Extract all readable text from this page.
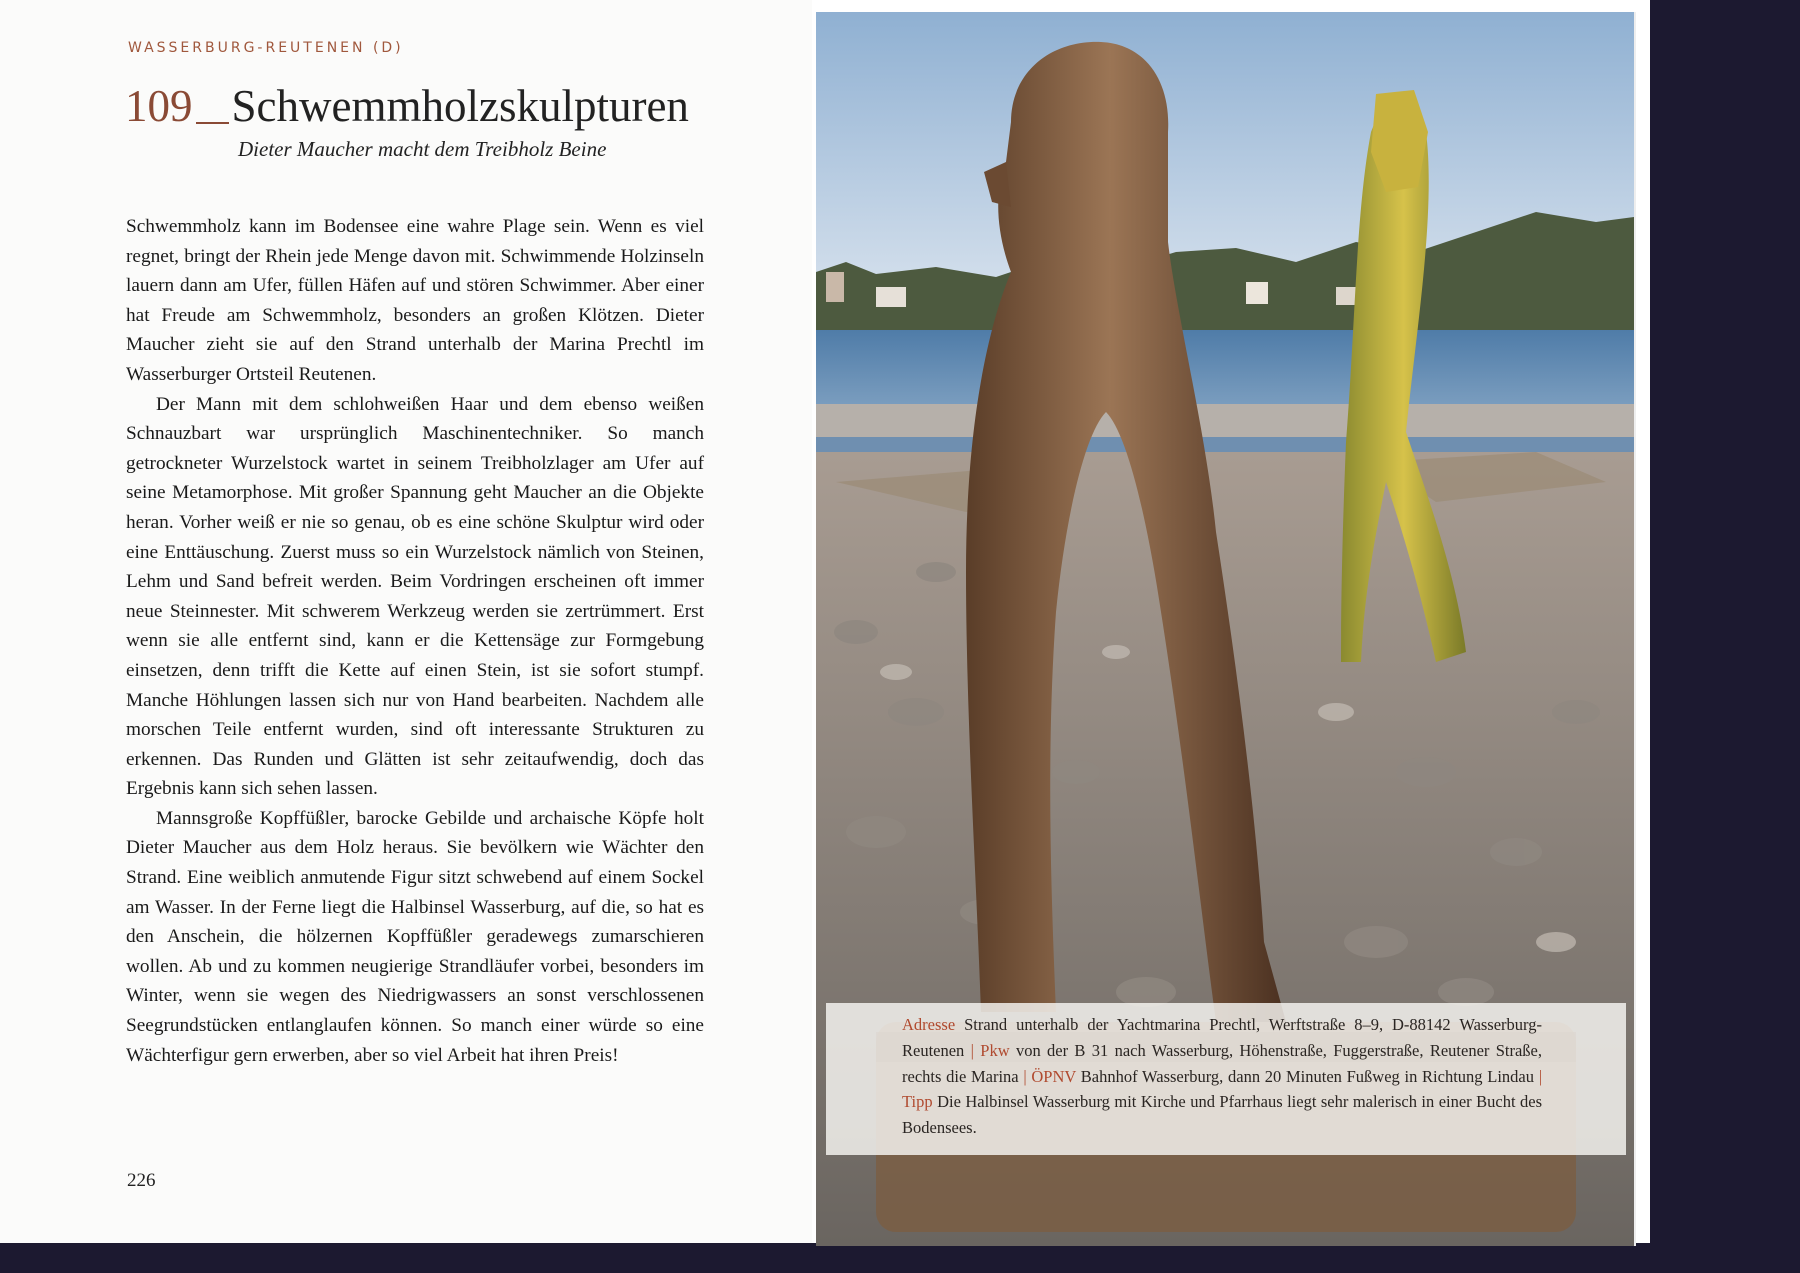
WASSERBURG-REUTENEN (D)
109 Schwemmholzskulpturen

Dieter Maucher macht dem Treibholz Beine

Schwemmholz kann im Bodensee eine wahre Plage sein. Wenn es viel regnet, bringt der Rhein jede Menge davon mit. Schwimmende Holzinseln lauern dann am Ufer, füllen Häfen auf und stören Schwimmer. Aber einer hat Freude am Schwemmholz, besonders an großen Klötzen. Dieter Maucher zieht sie auf den Strand unterhalb der Marina Prechtl im Wasserburger Ortsteil Reutenen.

Der Mann mit dem schlohweißen Haar und dem ebenso weißen Schnauzbart war ursprünglich Maschinentechniker. So manch getrockneter Wurzelstock wartet in seinem Treibholzlager am Ufer auf seine Metamorphose. Mit großer Spannung geht Maucher an die Objekte heran. Vorher weiß er nie so genau, ob es eine schöne Skulptur wird oder eine Enttäuschung. Zuerst muss so ein Wurzelstock nämlich von Steinen, Lehm und Sand befreit werden. Beim Vordringen erscheinen oft immer neue Steinnester. Mit schwerem Werkzeug werden sie zertrümmert. Erst wenn sie alle entfernt sind, kann er die Kettensäge zur Formgebung einsetzen, denn trifft die Kette auf einen Stein, ist sie sofort stumpf. Manche Höhlungen lassen sich nur von Hand bearbeiten. Nachdem alle morschen Teile entfernt wurden, sind oft interessante Strukturen zu erkennen. Das Runden und Glätten ist sehr zeitaufwendig, doch das Ergebnis kann sich sehen lassen.

Mannsgroße Kopffüßler, barocke Gebilde und archaische Köpfe holt Dieter Maucher aus dem Holz heraus. Sie bevölkern wie Wächter den Strand. Eine weiblich anmutende Figur sitzt schwebend auf einem Sockel am Wasser. In der Ferne liegt die Halbinsel Wasserburg, auf die, so hat es den Anschein, die hölzernen Kopffüßler geradewegs zumarschieren wollen. Ab und zu kommen neugierige Strandläufer vorbei, besonders im Winter, wenn sie wegen des Niedrigwassers an sonst verschlossenen Seegrundstücken entlanglaufen können. So manch einer würde so eine Wächterfigur gern erwerben, aber so viel Arbeit hat ihren Preis!

226
Adresse Strand unterhalb der Yachtmarina Prechtl, Werftstraße 8–9, D-88142 Wasserburg-Reutenen | Pkw von der B 31 nach Wasserburg, Höhenstraße, Fuggerstraße, Reutener Straße, rechts die Marina | ÖPNV Bahnhof Wasserburg, dann 20 Minuten Fußweg in Richtung Lindau | Tipp Die Halbinsel Wasserburg mit Kirche und Pfarrhaus liegt sehr malerisch in einer Bucht des Bodensees.
